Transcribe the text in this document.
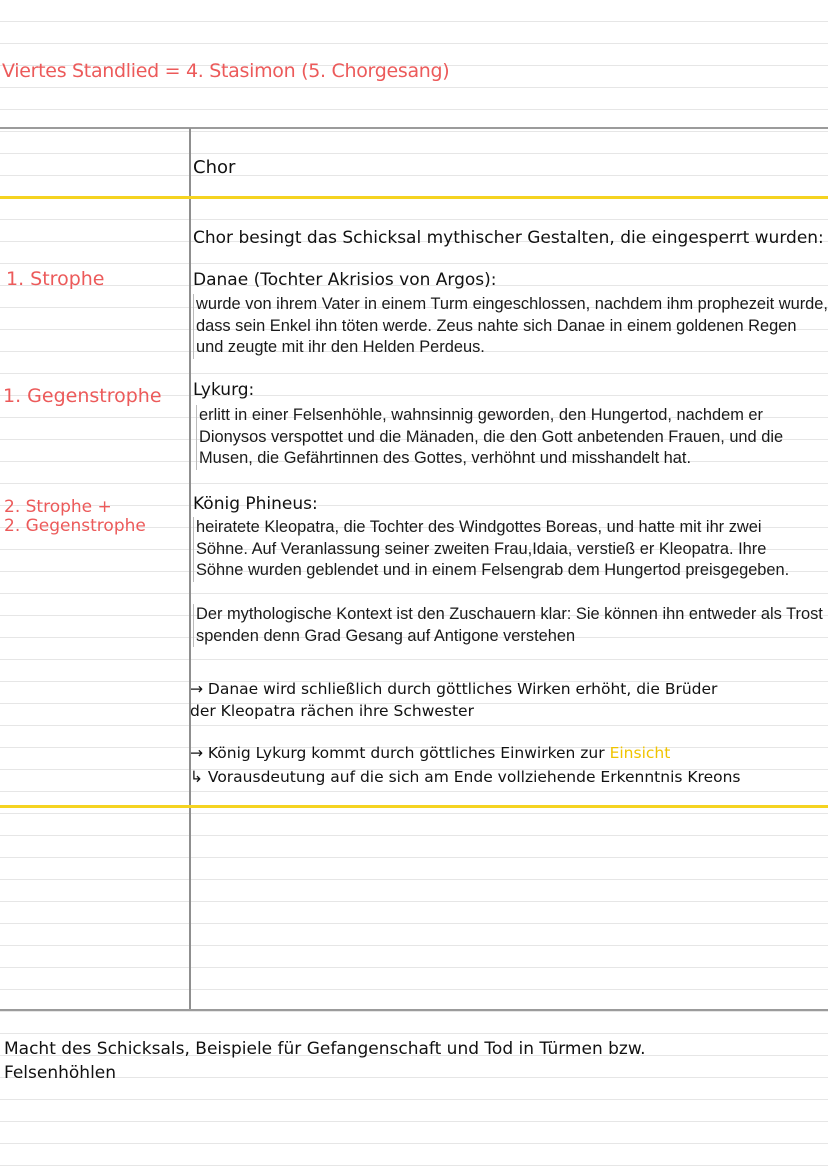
Viertes Standlied = 4. Stasimon (5. Chorgesang)
Chor
Chor besingt das Schicksal mythischer Gestalten, die eingesperrt wurden:
1. Strophe	Danae (Tochter Akrisios von Argos):
wurde von ihrem Vater in einem Turm eingeschlossen, nachdem ihm prophezeit wurde, dass sein Enkel ihn töten werde. Zeus nahte sich Danae in einem goldenen Regen und zeugte mit ihr den Helden Perdeus.
1. Gegenstrophe Lykurg:
erlitt in einer Felsenhöhle, wahnsinnig geworden, den Hungertod, nachdem er Dionysos verspottet und die Mänaden, die den Gott anbetenden Frauen, und die Musen, die Gefährtinnen des Gottes, verhöhnt und misshandelt hat.
2. Strophe +
2. Gegenstrophe
König Phineus:
heiratete Kleopatra, die Tochter des Windgottes Boreas, und hatte mit ihr zwei Söhne. Auf Veranlassung seiner zweiten Frau,Idaia, verstieß er Kleopatra. Ihre Söhne wurden geblendet und in einem Felsengrab dem Hungertod preisgegeben.
Der mythologische Kontext ist den Zuschauern klar: Sie können ihn entweder als Trost spenden denn Grad Gesang auf Antigone verstehen
→ Danae wird schließlich durch göttliches Wirken erhöht, die Brüder
der Kleopatra rächen ihre Schwester
→ König Lykurg kommt durch göttliches Einwirken zur Einsicht
↳ Vorausdeutung auf die sich am Ende vollziehende Erkenntnis Kreons
Macht des Schicksals, Beispiele für Gefangenschaft und Tod in Türmen bzw.
Felsenhöhlen
